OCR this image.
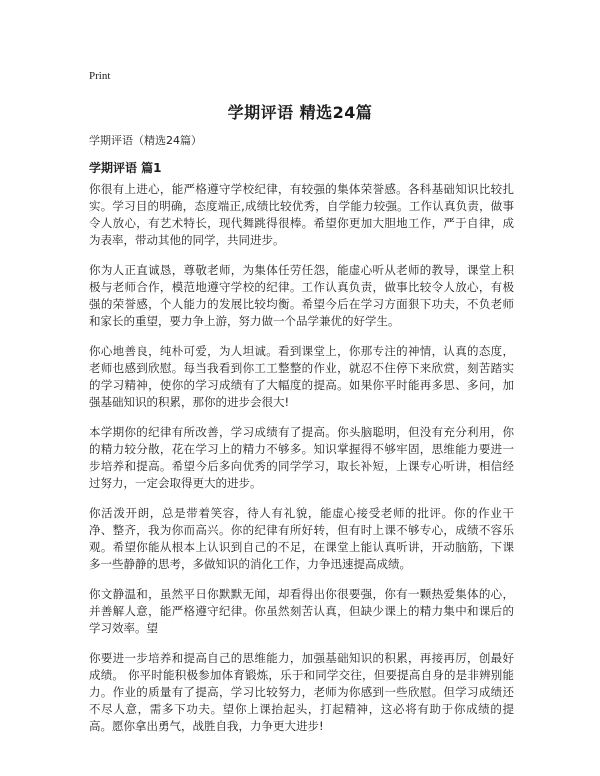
Print
学期评语 精选24篇

学期评语（精选24篇）

学期评语 篇1

你很有上进心，能严格遵守学校纪律，有较强的集体荣誉感。各科基础知识比较扎实。学习目的明确，态度端正,成绩比较优秀，自学能力较强。工作认真负责，做事令人放心，有艺术特长，现代舞跳得很棒。希望你更加大胆地工作，严于自律，成为表率，带动其他的同学，共同进步。

你为人正直诚恳，尊敬老师，为集体任劳任怨，能虚心听从老师的教导，课堂上积极与老师合作，模范地遵守学校的纪律。工作认真负责，做事比较令人放心，有极强的荣誉感，个人能力的发展比较均衡。希望今后在学习方面狠下功夫，不负老师和家长的重望，要力争上游，努力做一个品学兼优的好学生。

你心地善良，纯朴可爱，为人坦诚。看到课堂上，你那专注的神情，认真的态度，老师也感到欣慰。每当我看到你工工整整的作业，就忍不住停下来欣赏，刻苦踏实的学习精神，使你的学习成绩有了大幅度的提高。如果你平时能再多思、多问，加强基础知识的积累，那你的进步会很大!

本学期你的纪律有所改善，学习成绩有了提高。你头脑聪明，但没有充分利用，你的精力较分散，花在学习上的精力不够多。知识掌握得不够牢固，思维能力要进一步培养和提高。希望今后多向优秀的同学学习，取长补短，上课专心听讲，相信经过努力，一定会取得更大的进步。

你活泼开朗，总是带着笑容，待人有礼貌，能虚心接受老师的批评。你的作业干净、整齐，我为你而高兴。你的纪律有所好转，但有时上课不够专心，成绩不容乐观。希望你能从根本上认识到自己的不足，在课堂上能认真听讲，开动脑筋，下课多一些静静的思考，多做知识的消化工作，力争迅速提高成绩。

你文静温和，虽然平日你默默无闻，却看得出你很要强，你有一颗热爱集体的心，并善解人意，能严格遵守纪律。你虽然刻苦认真，但缺少课上的精力集中和课后的学习效率。望

你要进一步培养和提高自己的思维能力，加强基础知识的积累，再接再厉，创最好成绩。 你平时能积极参加体育锻炼，乐于和同学交往，但要提高自身的是非辨别能力。作业的质量有了提高，学习比较努力，老师为你感到一些欣慰。但学习成绩还不尽人意，需多下功夫。望你上课抬起头，打起精神，这必将有助于你成绩的提高。愿你拿出勇气，战胜自我，力争更大进步!
